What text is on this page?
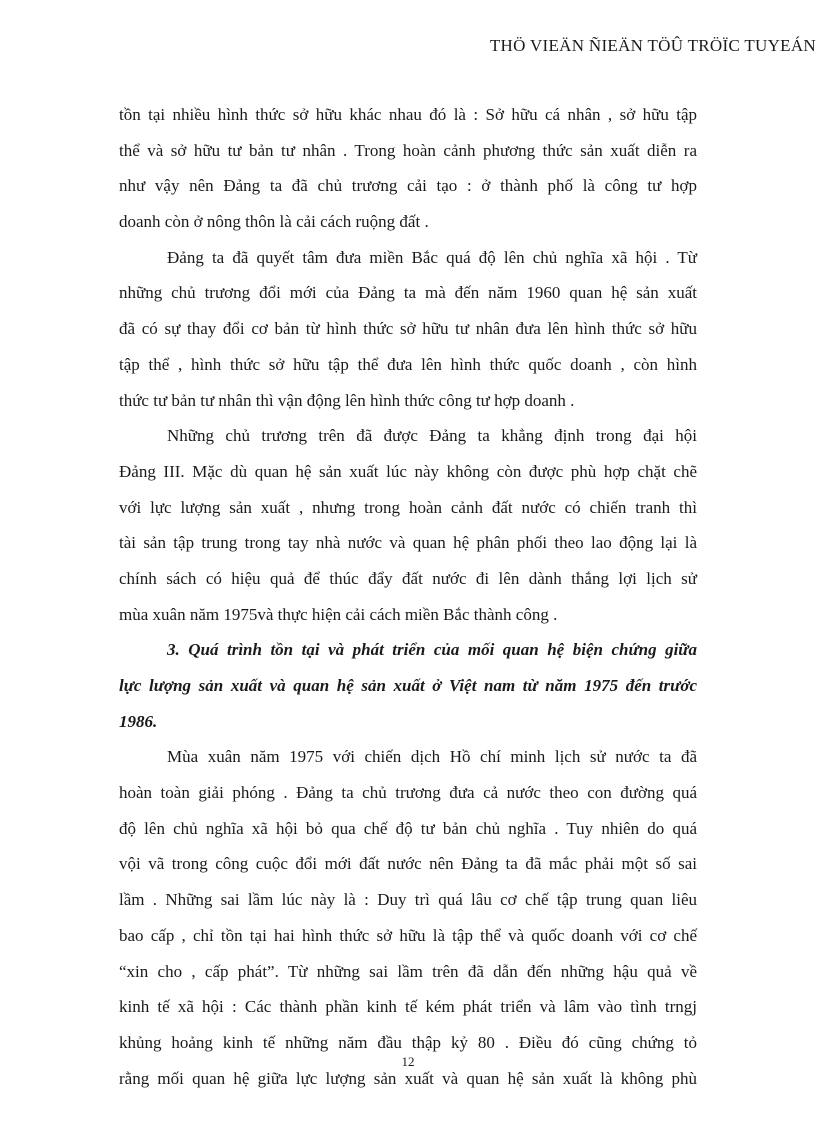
THÖ VIEÄN ÑIEÄN TÖÛ TRÖÏC TUYEÁN
tồn tại nhiều hình thức sở hữu khác nhau đó là : Sở hữu cá nhân , sở hữu tập
thể và sở hữu tư bản tư nhân . Trong hoàn cảnh phương thức sản xuất diễn ra
như vậy nên Đảng ta đã chủ trương cải tạo : ở thành phố là công tư hợp
doanh còn ở nông thôn là cải cách ruộng đất .
Đảng ta đã quyết tâm đưa miền Bắc quá độ lên chủ nghĩa xã hội . Từ
những chủ trương đổi mới của Đảng ta mà đến năm 1960 quan hệ sản xuất
đã có sự thay đổi cơ bản từ hình thức sở hữu tư nhân đưa lên hình thức sở hữu
tập thể , hình thức sở hữu tập thể đưa lên hình thức quốc doanh , còn hình
thức tư bản tư nhân thì vận động lên hình thức công tư hợp doanh .
Những chủ trương trên đã được Đảng ta khẳng định trong đại hội
Đảng III. Mặc dù quan hệ sản xuất lúc này không còn được phù hợp chặt chẽ
với lực lượng sản xuất , nhưng trong hoàn cảnh đất nước có chiến tranh thì
tài sản tập trung trong tay nhà nước và quan hệ phân phối theo lao động lại là
chính sách có hiệu quả để thúc đẩy đất nước đi lên dành thắng lợi lịch sử
mùa xuân năm 1975và thực hiện cải cách miền Bắc thành công .
3. Quá trình tồn tại và phát triển của mối quan hệ biện chứng giữa
lực lượng sản xuất và quan hệ sản xuất ở Việt nam từ năm 1975 đến trước
1986.
Mùa xuân năm 1975 với chiến dịch Hồ chí minh lịch sử nước ta đã
hoàn toàn giải phóng . Đảng ta chủ trương đưa cả nước theo con đường quá
độ lên chủ nghĩa xã hội bỏ qua chế độ tư bản chủ nghĩa . Tuy nhiên do quá
vội vã trong công cuộc đổi mới đất nước nên Đảng ta đã mắc phải một số sai
lầm . Những sai lầm lúc này là : Duy trì quá lâu cơ chế tập trung quan liêu
bao cấp , chỉ tồn tại hai hình thức sở hữu là tập thể và quốc doanh với cơ chế
“xin cho , cấp phát”. Từ những sai lầm trên đã dẫn đến những hậu quả về
kinh tế xã hội : Các thành phần kinh tế kém phát triển và lâm vào tình trngj
khủng hoảng kinh tế những năm đầu thập kỷ 80 . Điều đó cũng chứng tỏ
rằng mối quan hệ giữa lực lượng sản xuất và quan hệ sản xuất là không phù
12
